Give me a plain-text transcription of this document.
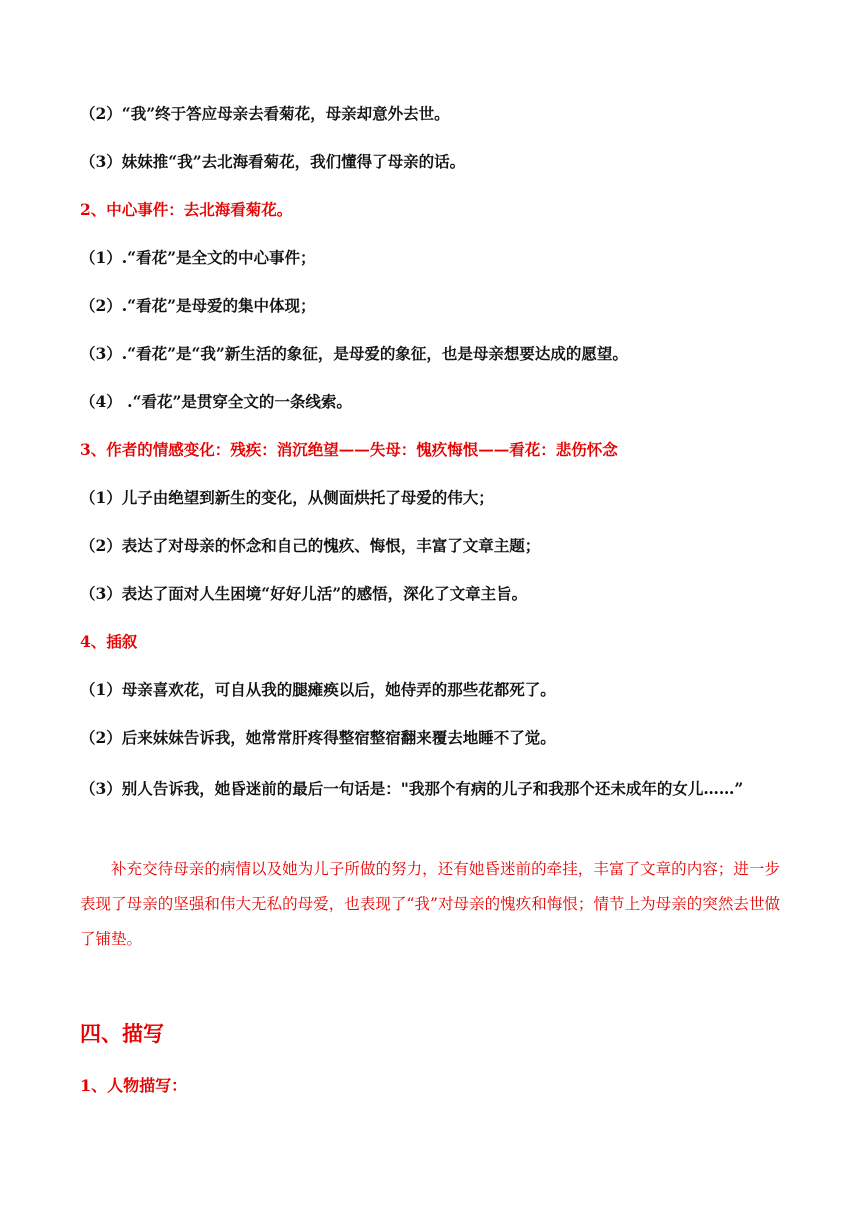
（2）“我”终于答应母亲去看菊花，母亲却意外去世。
（3）妹妹推“我”去北海看菊花，我们懂得了母亲的话。
2、中心事件：去北海看菊花。
（1）.“看花”是全文的中心事件；
（2）.“看花”是母爱的集中体现；
（3）.“看花”是“我”新生活的象征，是母爱的象征，也是母亲想要达成的愿望。
（4） .“看花”是贯穿全文的一条线索。
3、作者的情感变化：残疾：消沉绝望——失母：愧疚悔恨——看花：悲伤怀念
（1）儿子由绝望到新生的变化，从侧面烘托了母爱的伟大；
（2）表达了对母亲的怀念和自己的愧疚、悔恨，丰富了文章主题；
（3）表达了面对人生困境“好好儿活”的感悟，深化了文章主旨。
4、插叙
（1）母亲喜欢花，可自从我的腿瘫痪以后，她侍弄的那些花都死了。
（2）后来妹妹告诉我，她常常肝疼得整宿整宿翻来覆去地睡不了觉。
（3）别人告诉我，她昏迷前的最后一句话是："我那个有病的儿子和我那个还未成年的女儿……”
补充交待母亲的病情以及她为儿子所做的努力，还有她昏迷前的牵挂，丰富了文章的内容；进一步表现了母亲的坚强和伟大无私的母爱，也表现了“我”对母亲的愧疚和悔恨；情节上为母亲的突然去世做了铺垫。
四、描写
1、人物描写：
